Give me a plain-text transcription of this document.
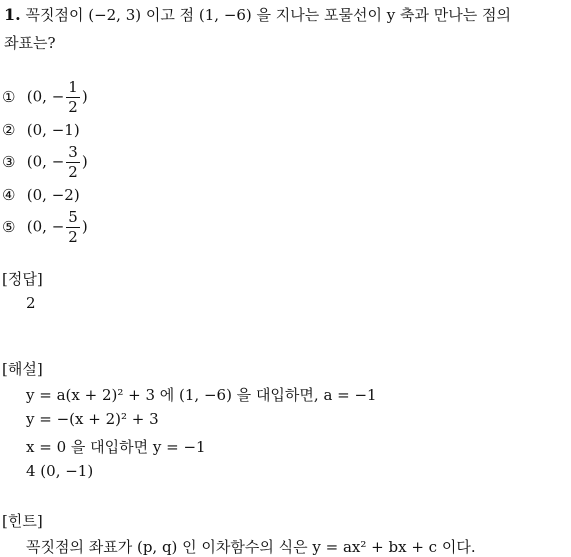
1. 꼭짓점이 (−2, 3) 이고 점 (1, −6) 을 지나는 포물선이 y 축과 만나는 점의
좌표는?
① (0, − $\frac{1}{2}$ )
② (0, −1)
③ (0, − $\frac{3}{2}$ )
④ (0, −2)
⑤ (0, − $\frac{5}{2}$ )
[정답]
2
[해설]
y = a(x + 2)² + 3 에 (1, −6) 을 대입하면, a = −1
y = −(x + 2)² + 3
x = 0 을 대입하면 y = −1
4 (0, −1)
[힌트]
꼭짓점의 좌표가 (p, q) 인 이차함수의 식은 y = ax² + bx + c 이다.
